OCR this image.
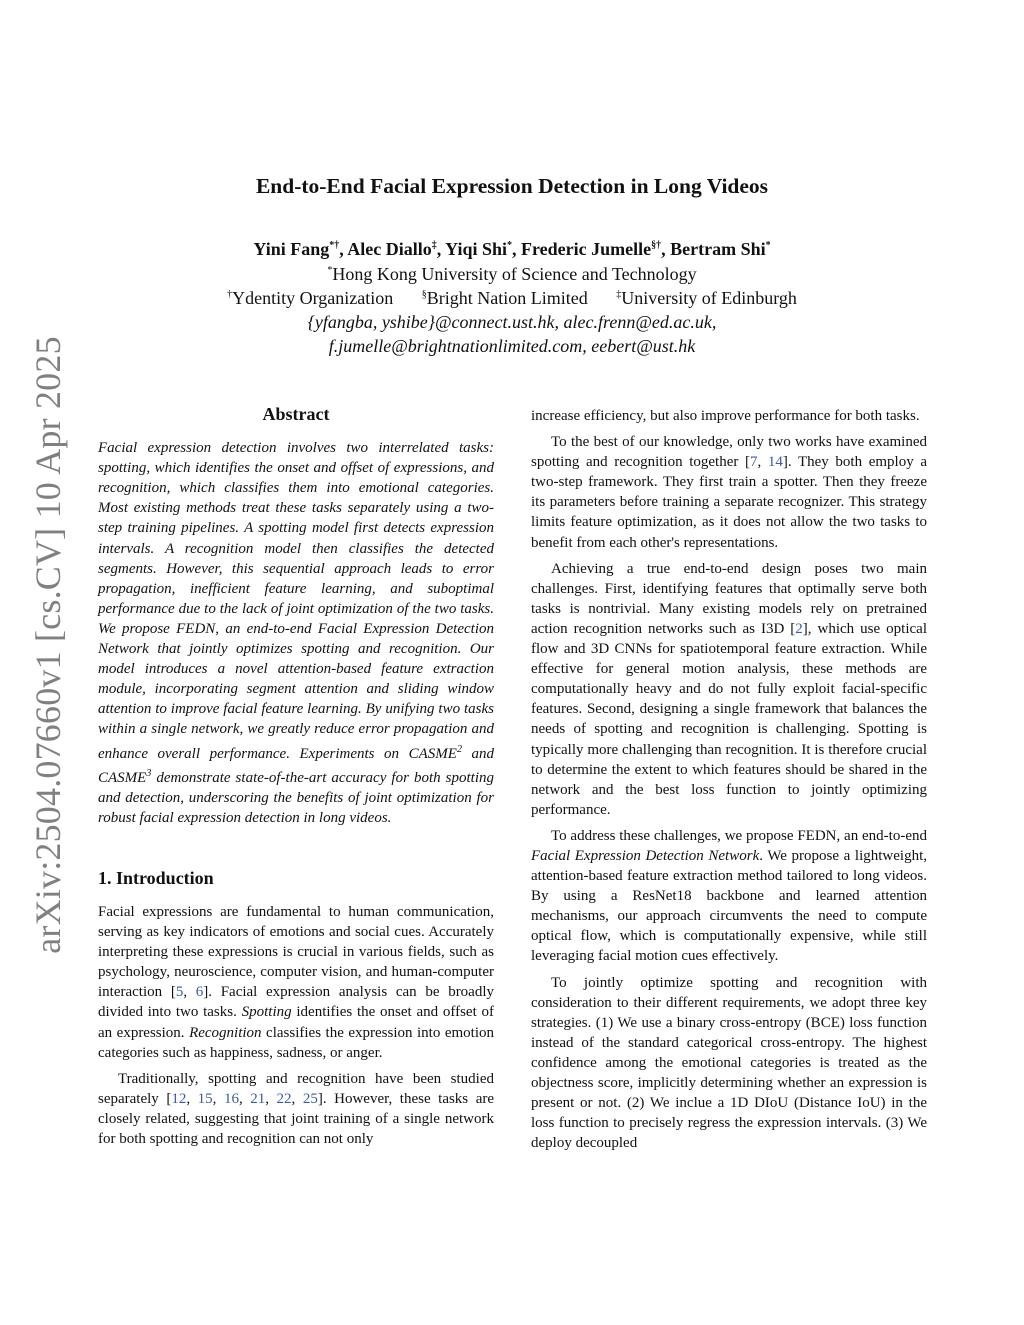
arXiv:2504.07660v1 [cs.CV] 10 Apr 2025
End-to-End Facial Expression Detection in Long Videos
Yini Fang*†, Alec Diallo‡, Yiqi Shi*, Frederic Jumelle§†, Bertram Shi*
*Hong Kong University of Science and Technology
†Ydentity Organization	§Bright Nation Limited	‡University of Edinburgh
{yfangba, yshibe}@connect.ust.hk, alec.frenn@ed.ac.uk,
f.jumelle@brightnationlimited.com, eebert@ust.hk
Abstract

Facial expression detection involves two interrelated tasks: spotting, which identifies the onset and offset of expressions, and recognition, which classifies them into emotional categories. Most existing methods treat these tasks separately using a two-step training pipelines. A spotting model first detects expression intervals. A recognition model then classifies the detected segments. However, this sequential approach leads to error propagation, inefficient feature learning, and suboptimal performance due to the lack of joint optimization of the two tasks. We propose FEDN, an end-to-end Facial Expression Detection Network that jointly optimizes spotting and recognition. Our model introduces a novel attention-based feature extraction module, incorporating segment attention and sliding window attention to improve facial feature learning. By unifying two tasks within a single network, we greatly reduce error propagation and enhance overall performance. Experiments on CASME$^2$ and CASME$^3$ demonstrate state-of-the-art accuracy for both spotting and detection, underscoring the benefits of joint optimization for robust facial expression detection in long videos.

1. Introduction

Facial expressions are fundamental to human communication, serving as key indicators of emotions and social cues. Accurately interpreting these expressions is crucial in various fields, such as psychology, neuroscience, computer vision, and human-computer interaction [5, 6]. Facial expression analysis can be broadly divided into two tasks. Spotting identifies the onset and offset of an expression. Recognition classifies the expression into emotion categories such as happiness, sadness, or anger.

Traditionally, spotting and recognition have been studied separately [12, 15, 16, 21, 22, 25]. However, these tasks are closely related, suggesting that joint training of a single network for both spotting and recognition can not only

increase efficiency, but also improve performance for both tasks.

To the best of our knowledge, only two works have examined spotting and recognition together [7, 14]. They both employ a two-step framework. They first train a spotter. Then they freeze its parameters before training a separate recognizer. This strategy limits feature optimization, as it does not allow the two tasks to benefit from each other's representations.

Achieving a true end-to-end design poses two main challenges. First, identifying features that optimally serve both tasks is nontrivial. Many existing models rely on pretrained action recognition networks such as I3D [2], which use optical flow and 3D CNNs for spatiotemporal feature extraction. While effective for general motion analysis, these methods are computationally heavy and do not fully exploit facial-specific features. Second, designing a single framework that balances the needs of spotting and recognition is challenging. Spotting is typically more challenging than recognition. It is therefore crucial to determine the extent to which features should be shared in the network and the best loss function to jointly optimizing performance.

To address these challenges, we propose FEDN, an end-to-end Facial Expression Detection Network. We propose a lightweight, attention-based feature extraction method tailored to long videos. By using a ResNet18 backbone and learned attention mechanisms, our approach circumvents the need to compute optical flow, which is computationally expensive, while still leveraging facial motion cues effectively.

To jointly optimize spotting and recognition with consideration to their different requirements, we adopt three key strategies. (1) We use a binary cross-entropy (BCE) loss function instead of the standard categorical cross-entropy. The highest confidence among the emotional categories is treated as the objectness score, implicitly determining whether an expression is present or not. (2) We inclue a 1D DIoU (Distance IoU) in the loss function to precisely regress the expression intervals. (3) We deploy decoupled
